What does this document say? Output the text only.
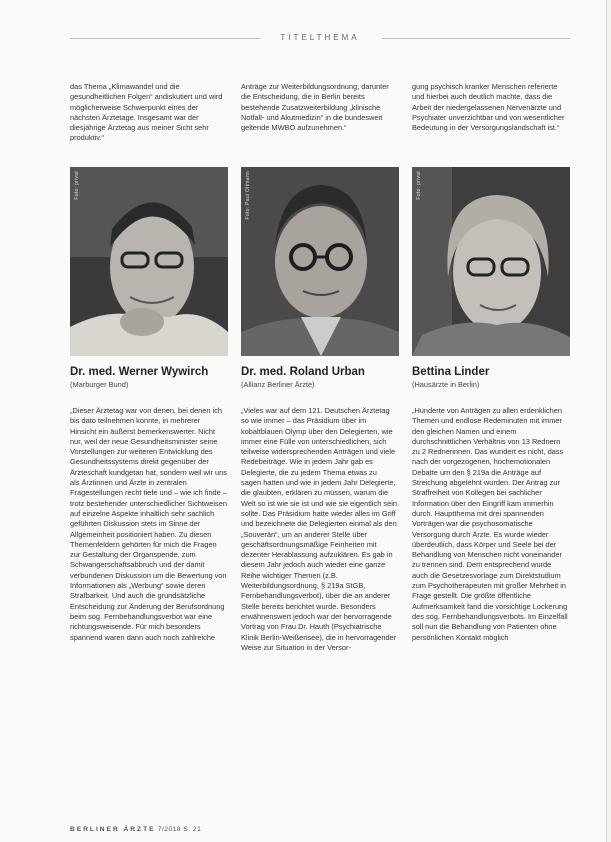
TITELTHEMA
das Thema „Klimawandel und die gesundheitlichen Folgen“ andiskutiert und wird möglicherweise Schwerpunkt eines der nächsten Ärztetage. Insgesamt war der diesjährige Ärztetag aus meiner Sicht sehr produktiv.“
Anträge zur Weiterbildungsordnung, darunter die Entscheidung, die in Berlin bereits bestehende Zusatzweiterbildung „klinische Notfall- und Akutmedizin“ in die bundesweit geltende MWBO aufzunehmen.“
gung psychisch kranker Menschen referierte und hierbei auch deutlich machte, dass die Arbeit der niedergelassenen Nervenärzte und Psychiater unverzichtbar und von wesentlicher Bedeutung in der Versorgungslandschaft ist.“
Foto: privat	Foto: Paul Oltmann	Foto: privat
Dr. med. Werner Wywirch
(Marburger Bund)
Dr. med. Roland Urban
(Allianz Berliner Ärzte)
Bettina Linder
(Hausärzte in Berlin)
„Dieser Ärztetag war von denen, bei denen ich bis dato teilnehmen konnte, in mehrerer Hinsicht ein äußerst bemerkenswerter. Nicht nur, weil der neue Gesundheitsminister seine Vorstellungen zur weiteren Entwicklung des Gesundheitssystems direkt gegenüber der Ärzteschaft kundgetan hat, sondern weil wir uns als Ärztinnen und Ärzte in zentralen Fragestellungen recht tiefe und – wie ich finde – trotz bestehender unterschiedlicher Sichtweisen auf einzelne Aspekte inhaltlich sehr sachlich geführten Diskussion stets im Sinne der Allgemeinheit positioniert haben. Zu diesen Themenfeldern gehörten für mich die Fragen zur Gestaltung der Organspende, zum Schwangerschaftsabbruch und der damit verbundenen Diskussion um die Bewertung von Informationen als „Werbung“ sowie deren Strafbarkeit. Und auch die grundsätzliche Entscheidung zur Änderung der Berufsordnung beim sog. Fernbehandlungsverbot war eine richtungsweisende. Für mich besonders spannend waren dann auch noch zahlreiche
„Vieles war auf dem 121. Deutschen Ärztetag so wie immer – das Präsidium über im kobaltblauen Olymp über den Delegierten, wie immer eine Fülle von unterschiedlichen, sich teilweise widersprechenden Anträgen und viele Redebeiträge. Wie in jedem Jahr gab es Delegierte, die zu jedem Thema etwas zu sagen hatten und wie in jedem Jahr Delegierte, die glaubten, erklären zu müssen, warum die Welt so ist wie sie ist und wie sie eigentlich sein sollte. Das Präsidium hatte wieder alles im Griff und bezeichnete die Delegierten einmal als den „Souverän“, um an anderer Stelle über geschäftsordnungsmäßige Feinheiten mit dezenter Herablassung aufzuklären. Es gab in diesem Jahr jedoch auch wieder eine ganze Reihe wichtiger Themen (z.B. Weiterbildungsordnung, § 219a StGB, Fernbehandlungsverbot), über die an anderer Stelle bereits berichtet wurde. Besonders erwähnenswert jedoch war der hervorragende Vortrag von Frau Dr. Hauth (Psychiatrische Klinik Berlin-Weißensee), die in hervorragender Weise zur Situation in der Versor-
„Hunderte von Anträgen zu allen erdenklichen Themen und endlose Redeminuten mit immer den gleichen Namen und einem durchschnittlichen Verhältnis von 13 Rednern zu 2 Rednerinnen. Das wundert es nicht, dass nach der vorgezogenen, hochemotionalen Debatte um den § 219a die Anträge auf Streichung abgelehnt wurden. Der Antrag zur Straffreiheit von Kollegen bei sachlicher Information über den Eingriff kam immerhin durch. Hauptthema mit drei spannenden Vorträgen war die psychosomatische Versorgung durch Ärzte. Es wurde wieder überdeutlich, dass Körper und Seele bei der Behandlung von Menschen nicht voneinander zu trennen sind. Dem entsprechend wurde auch die Gesetzesvorlage zum Direktstudium zum Psychotherapeuten mit großer Mehrheit in Frage gestellt. Die größte öffentliche Aufmerksamkeit fand die vorsichtige Lockerung des sog. Fernbehandlungsverbots. Im Einzelfall soll nun die Behandlung von Patienten ohne persönlichen Kontakt möglich
BERLINER ÄRZTE 7/2018 S. 21
